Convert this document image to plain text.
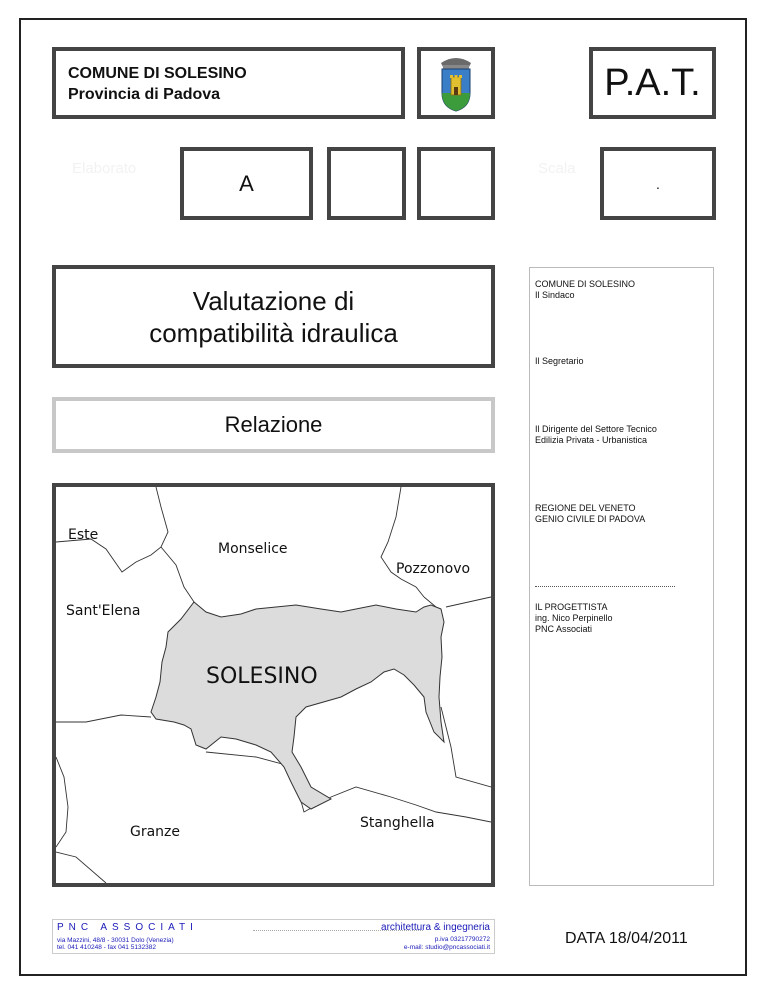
COMUNE DI SOLESINO
Provincia di Padova	P.A.T.
Elaborato
A
Scala
.
Valutazione di
compatibilità idraulica
Relazione
Este
Monselice
Pozzonovo
Sant'Elena
SOLESINO
Granze
Stanghella
COMUNE DI SOLESINO
Il Sindaco
Il Segretario
Il Dirigente del Settore Tecnico
Edilizia Privata - Urbanistica
REGIONE DEL VENETO
GENIO CIVILE DI PADOVA
IL PROGETTISTA
ing. Nico Perpinello
PNC Associati
PNC ASSOCIATI
via Mazzini, 48/8 - 30031 Dolo (Venezia)
tel. 041 410248 - fax 041 5132382
architettura & ingegneria
p.iva 03217790272
e-mail: studio@pncassociati.it
DATA 18/04/2011
